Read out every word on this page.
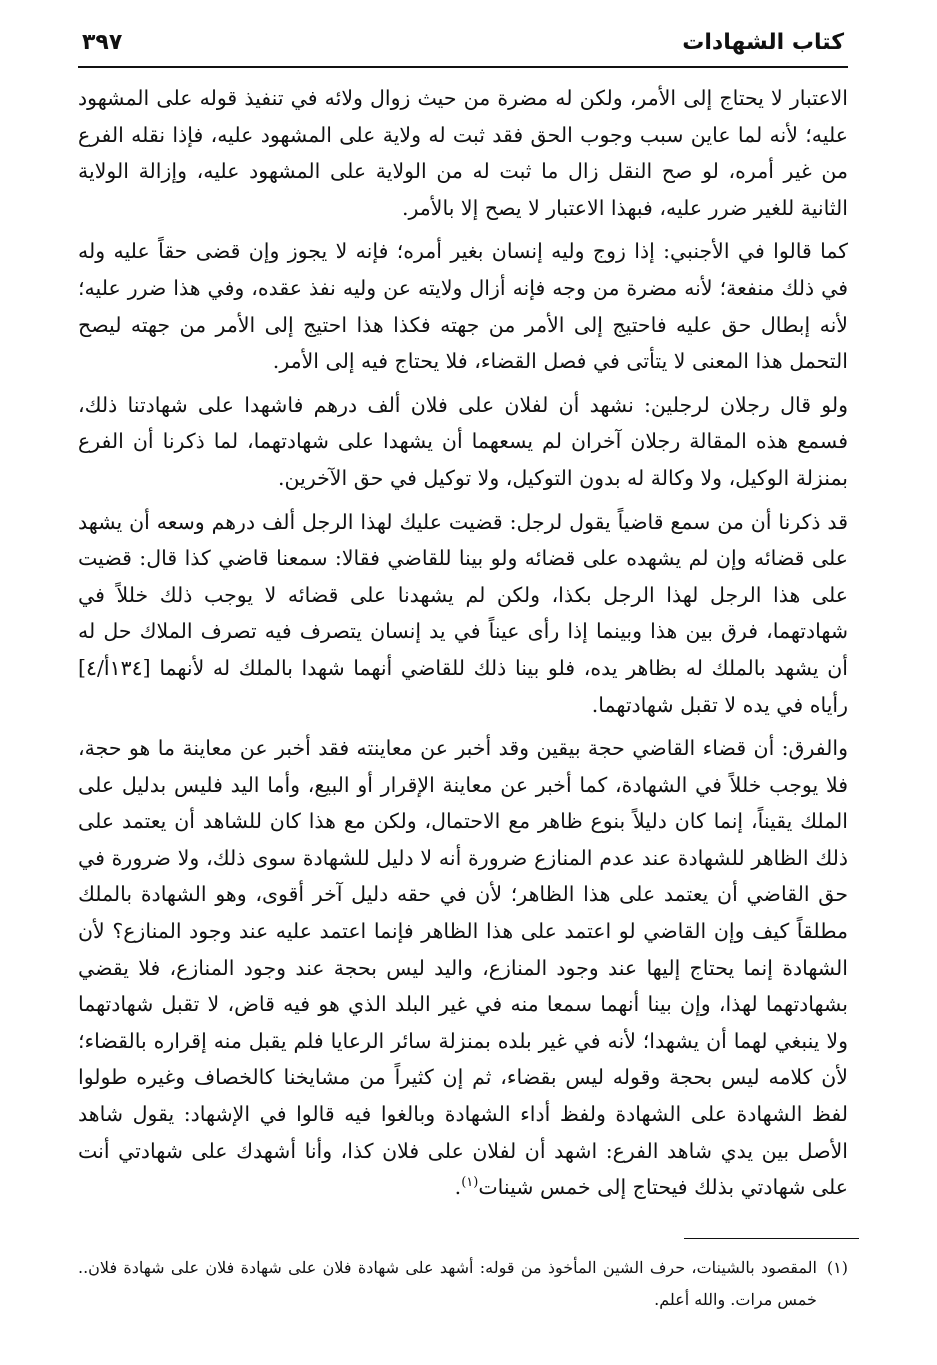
كتاب الشهادات
٣٩٧

الاعتبار لا يحتاج إلى الأمر، ولكن له مضرة من حيث زوال ولائه في تنفيذ قوله على المشهود عليه؛ لأنه لما عاين سبب وجوب الحق فقد ثبت له ولاية على المشهود عليه، فإذا نقله الفرع من غير أمره، لو صح النقل زال ما ثبت له من الولاية على المشهود عليه، وإزالة الولاية الثانية للغير ضرر عليه، فبهذا الاعتبار لا يصح إلا بالأمر.

كما قالوا في الأجنبي: إذا زوج وليه إنسان بغير أمره؛ فإنه لا يجوز وإن قضى حقاً عليه وله في ذلك منفعة؛ لأنه مضرة من وجه فإنه أزال ولايته عن وليه نفذ عقده، وفي هذا ضرر عليه؛ لأنه إبطال حق عليه فاحتيج إلى الأمر من جهته فكذا هذا احتيج إلى الأمر من جهته ليصح التحمل هذا المعنى لا يتأتى في فصل القضاء، فلا يحتاج فيه إلى الأمر.

ولو قال رجلان لرجلين: نشهد أن لفلان على فلان ألف درهم فاشهدا على شهادتنا ذلك، فسمع هذه المقالة رجلان آخران لم يسعهما أن يشهدا على شهادتهما، لما ذكرنا أن الفرع بمنزلة الوكيل، ولا وكالة له بدون التوكيل، ولا توكيل في حق الآخرين.

قد ذكرنا أن من سمع قاضياً يقول لرجل: قضيت عليك لهذا الرجل ألف درهم وسعه أن يشهد على قضائه وإن لم يشهده على قضائه ولو بينا للقاضي فقالا: سمعنا قاضي كذا قال: قضيت على هذا الرجل لهذا الرجل بكذا، ولكن لم يشهدنا على قضائه لا يوجب ذلك خللاً في شهادتهما، فرق بين هذا وبينما إذا رأى عيناً في يد إنسان يتصرف فيه تصرف الملاك حل له أن يشهد بالملك له بظاهر يده، فلو بينا ذلك للقاضي أنهما شهدا بالملك له لأنهما [١٣٤أ/٤] رأياه في يده لا تقبل شهادتهما.

والفرق: أن قضاء القاضي حجة بيقين وقد أخبر عن معاينته فقد أخبر عن معاينة ما هو حجة، فلا يوجب خللاً في الشهادة، كما أخبر عن معاينة الإقرار أو البيع، وأما اليد فليس بدليل على الملك يقيناً، إنما كان دليلاً بنوع ظاهر مع الاحتمال، ولكن مع هذا كان للشاهد أن يعتمد على ذلك الظاهر للشهادة عند عدم المنازع ضرورة أنه لا دليل للشهادة سوى ذلك، ولا ضرورة في حق القاضي أن يعتمد على هذا الظاهر؛ لأن في حقه دليل آخر أقوى، وهو الشهادة بالملك مطلقاً كيف وإن القاضي لو اعتمد على هذا الظاهر فإنما اعتمد عليه عند وجود المنازع؟ لأن الشهادة إنما يحتاج إليها عند وجود المنازع، واليد ليس بحجة عند وجود المنازع، فلا يقضي بشهادتهما لهذا، وإن بينا أنهما سمعا منه في غير البلد الذي هو فيه قاض، لا تقبل شهادتهما ولا ينبغي لهما أن يشهدا؛ لأنه في غير بلده بمنزلة سائر الرعايا فلم يقبل منه إقراره بالقضاء؛ لأن كلامه ليس بحجة وقوله ليس بقضاء، ثم إن كثيراً من مشايخنا كالخصاف وغيره طولوا لفظ الشهادة على الشهادة ولفظ أداء الشهادة وبالغوا فيه قالوا في الإشهاد: يقول شاهد الأصل بين يدي شاهد الفرع: اشهد أن لفلان على فلان كذا، وأنا أشهدك على شهادتي أنت على شهادتي بذلك فيحتاج إلى خمس شينات$^{(١)}$.

(١)
المقصود بالشينات، حرف الشين المأخوذ من قوله: أشهد على شهادة فلان على شهادة فلان على شهادة فلان.. خمس مرات. والله أعلم.
